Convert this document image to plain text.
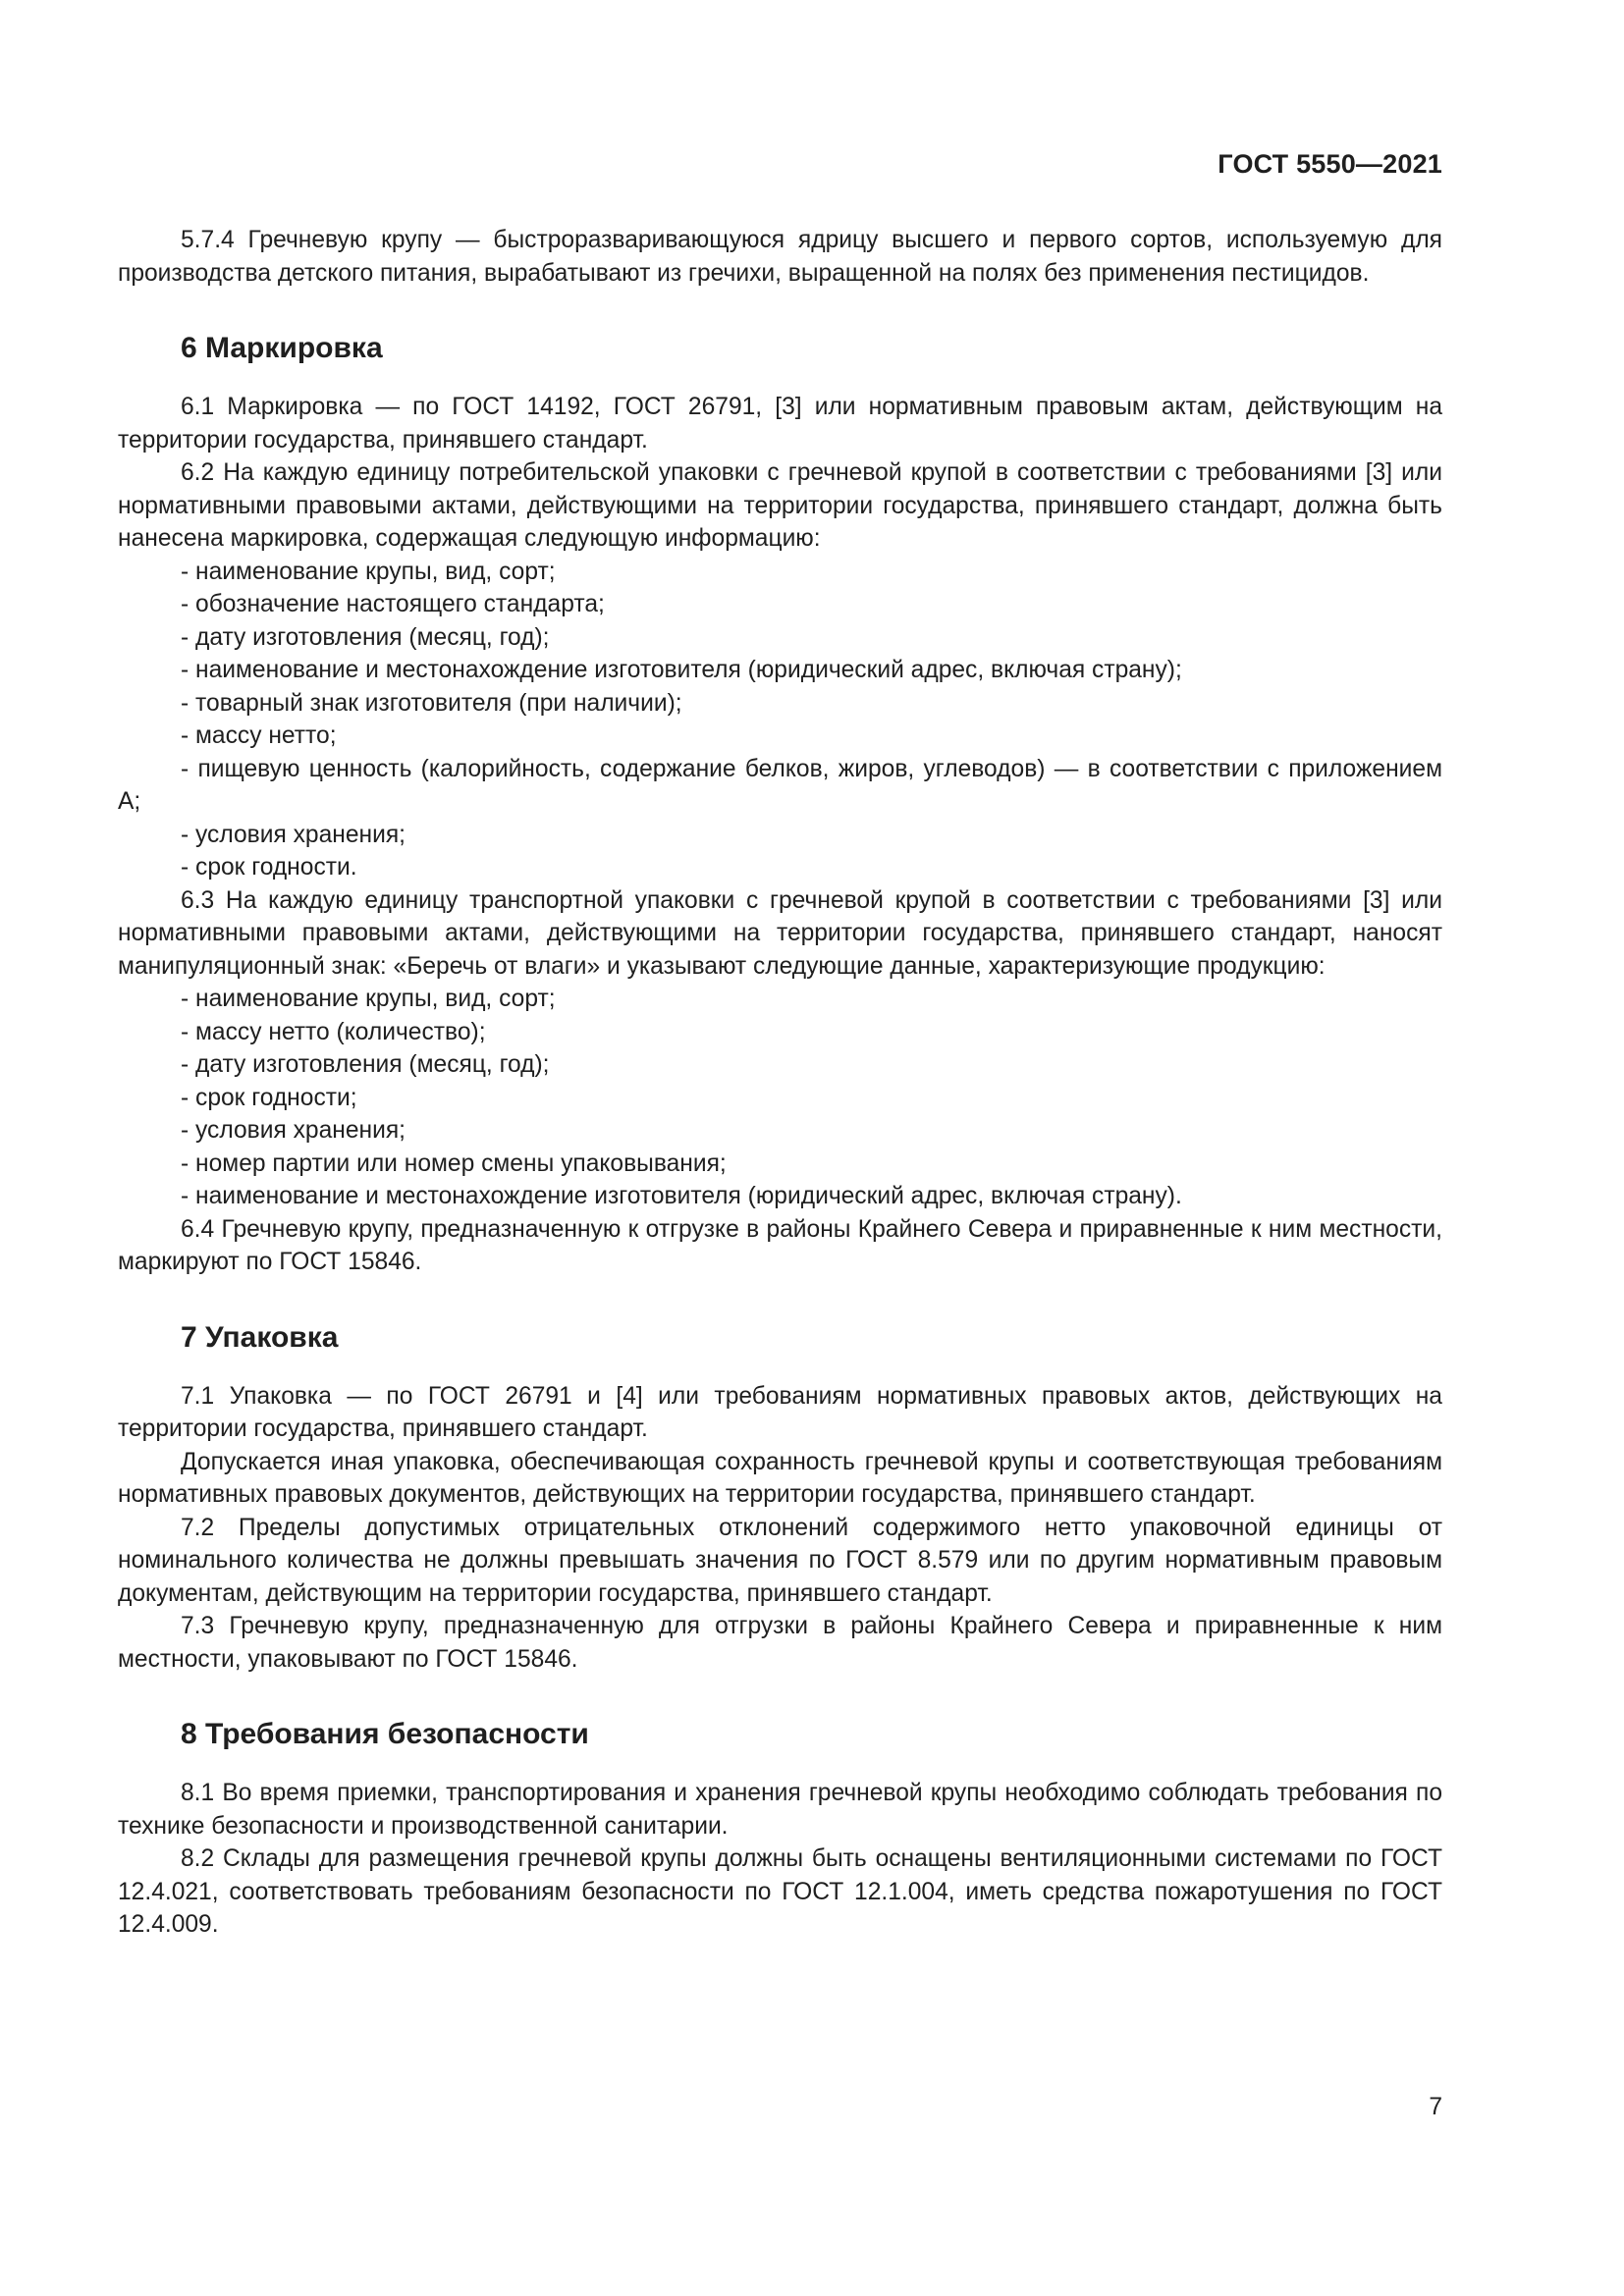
ГОСТ 5550—2021

5.7.4 Гречневую крупу — быстроразваривающуюся ядрицу высшего и первого сортов, используемую для производства детского питания, вырабатывают из гречихи, выращенной на полях без применения пестицидов.

6 Маркировка

6.1 Маркировка — по ГОСТ 14192, ГОСТ 26791, [3] или нормативным правовым актам, действующим на территории государства, принявшего стандарт.

6.2 На каждую единицу потребительской упаковки с гречневой крупой в соответствии с требованиями [3] или нормативными правовыми актами, действующими на территории государства, принявшего стандарт, должна быть нанесена маркировка, содержащая следующую информацию:

- наименование крупы, вид, сорт;

- обозначение настоящего стандарта;

- дату изготовления (месяц, год);

- наименование и местонахождение изготовителя (юридический адрес, включая страну);

- товарный знак изготовителя (при наличии);

- массу нетто;

- пищевую ценность (калорийность, содержание белков, жиров, углеводов) — в соответствии с приложением А;

- условия хранения;

- срок годности.

6.3 На каждую единицу транспортной упаковки с гречневой крупой в соответствии с требованиями [3] или нормативными правовыми актами, действующими на территории государства, принявшего стандарт, наносят манипуляционный знак: «Беречь от влаги» и указывают следующие данные, характеризующие продукцию:

- наименование крупы, вид, сорт;

- массу нетто (количество);

- дату изготовления (месяц, год);

- срок годности;

- условия хранения;

- номер партии или номер смены упаковывания;

- наименование и местонахождение изготовителя (юридический адрес, включая страну).

6.4 Гречневую крупу, предназначенную к отгрузке в районы Крайнего Севера и приравненные к ним местности, маркируют по ГОСТ 15846.

7 Упаковка

7.1 Упаковка — по ГОСТ 26791 и [4] или требованиям нормативных правовых актов, действующих на территории государства, принявшего стандарт.

Допускается иная упаковка, обеспечивающая сохранность гречневой крупы и соответствующая требованиям нормативных правовых документов, действующих на территории государства, принявшего стандарт.

7.2 Пределы допустимых отрицательных отклонений содержимого нетто упаковочной единицы от номинального количества не должны превышать значения по ГОСТ 8.579 или по другим нормативным правовым документам, действующим на территории государства, принявшего стандарт.

7.3 Гречневую крупу, предназначенную для отгрузки в районы Крайнего Севера и приравненные к ним местности, упаковывают по ГОСТ 15846.

8 Требования безопасности

8.1 Во время приемки, транспортирования и хранения гречневой крупы необходимо соблюдать требования по технике безопасности и производственной санитарии.

8.2 Склады для размещения гречневой крупы должны быть оснащены вентиляционными системами по ГОСТ 12.4.021, соответствовать требованиям безопасности по ГОСТ 12.1.004, иметь средства пожаротушения по ГОСТ 12.4.009.

7
